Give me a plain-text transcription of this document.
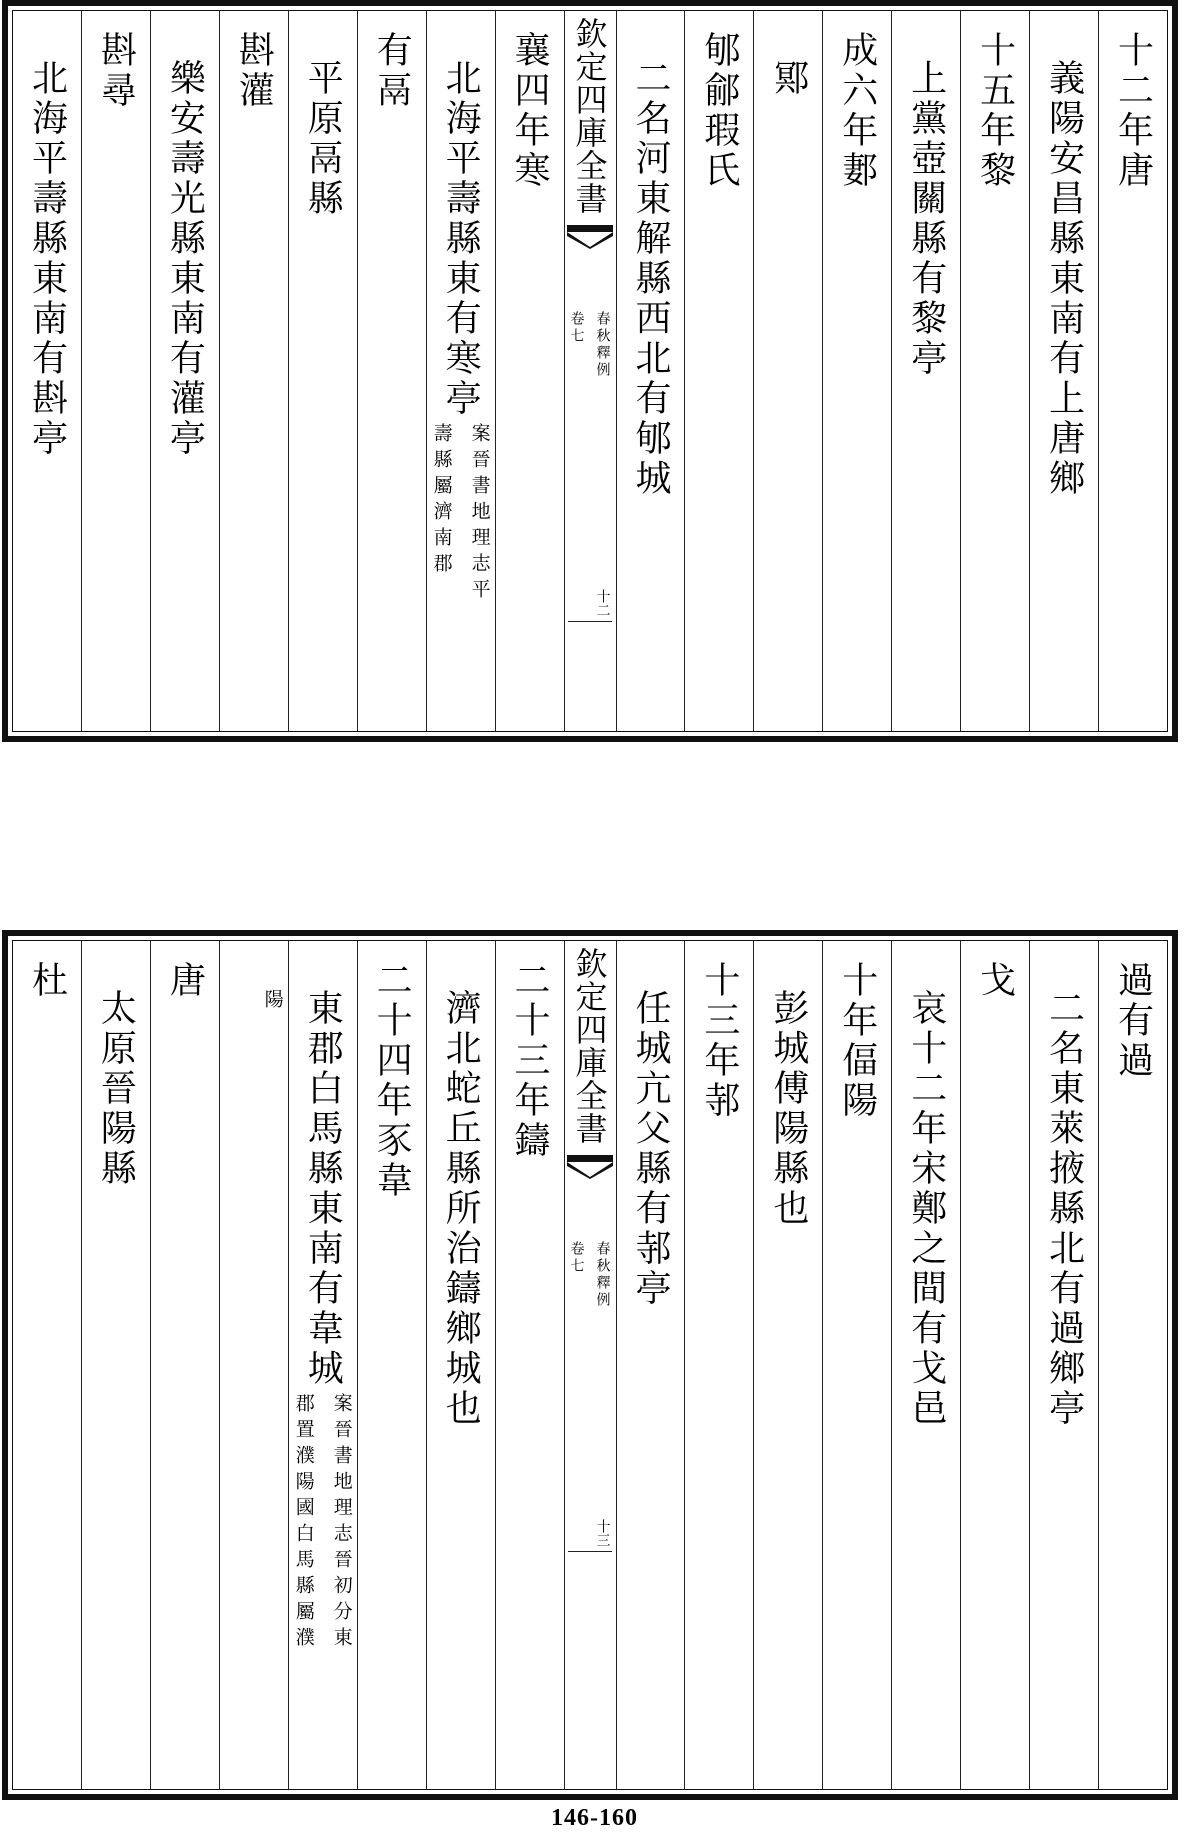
十二年唐
義陽安昌縣東南有上唐鄉
十五年黎
上黨壺關縣有黎亭
成六年郪
鄍
郇鄃瑕氏
二名河東解縣西北有郇城
欽定四庫全書
春秋釋例
卷七
十二
襄四年寒
北海平壽縣東有寒亭
案晉書地理志平
壽縣屬濟南郡
有鬲
平原鬲縣
斟灌
樂安壽光縣東南有灌亭
斟尋
北海平壽縣東南有斟亭
過有過
二名東萊掖縣北有過鄉亭
戈
哀十二年宋鄭之間有戈邑
十年偪陽
彭城傅陽縣也
十三年邿
任城亢父縣有邿亭
欽定四庫全書
春秋釋例
卷七
十三
二十三年鑄
濟北蛇丘縣所治鑄鄉城也
二十四年豕韋
東郡白馬縣東南有韋城
案晉書地理志晉初分東
郡置濮陽國白馬縣屬濮
陽
唐
太原晉陽縣
杜
146-160
